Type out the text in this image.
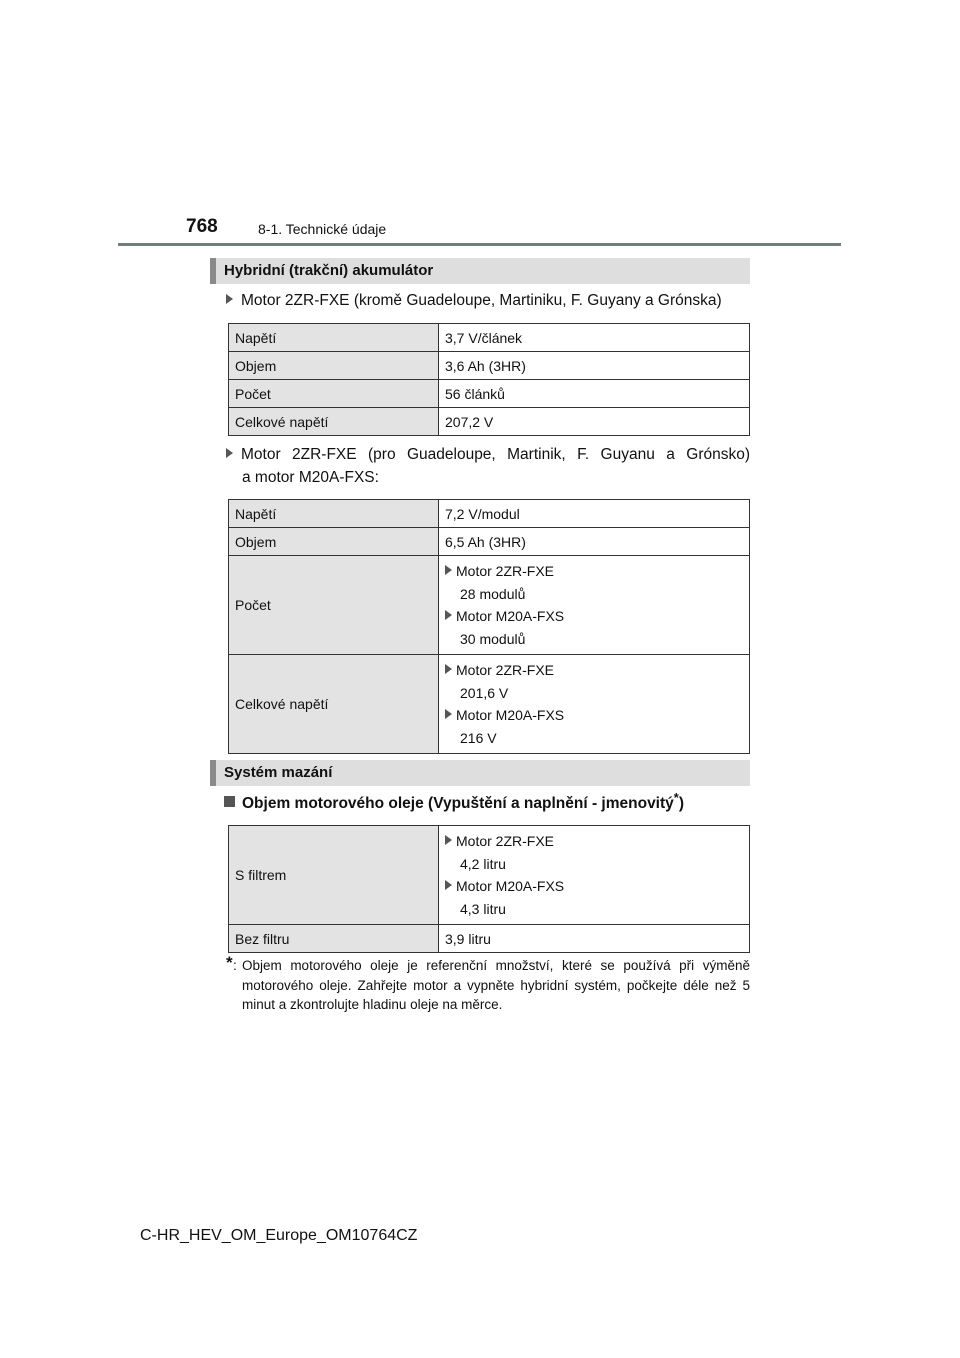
768	8-1. Technické údaje
Hybridní (trakční) akumulátor
Motor 2ZR-FXE (kromě Guadeloupe, Martiniku, F. Guyany a Grónska)
Napětí	3,7 V/článek
Objem	3,6 Ah (3HR)
Počet	56 článků
Celkové napětí	207,2 V
Motor 2ZR-FXE (pro Guadeloupe, Martinik, F. Guyanu a Grónsko)
a motor M20A-FXS:
Napětí	7,2 V/modul
Objem	6,5 Ah (3HR)
Počet	Motor 2ZR-FXE
28 modulů
Motor M20A-FXS
30 modulů

Celkové napětí	Motor 2ZR-FXE
201,6 V
Motor M20A-FXS
216 V
Systém mazání
Objem motorového oleje (Vypuštění a naplnění - jmenovitý*)
S filtrem	Motor 2ZR-FXE
4,2 litru
Motor M20A-FXS
4,3 litru

Bez filtru	3,9 litru
* : Objem motorového oleje je referenční množství, které se používá při výměně motorového oleje. Zahřejte motor a vypněte hybridní systém, počkejte déle než 5 minut a zkontrolujte hladinu oleje na měrce.
C-HR_HEV_OM_Europe_OM10764CZ
